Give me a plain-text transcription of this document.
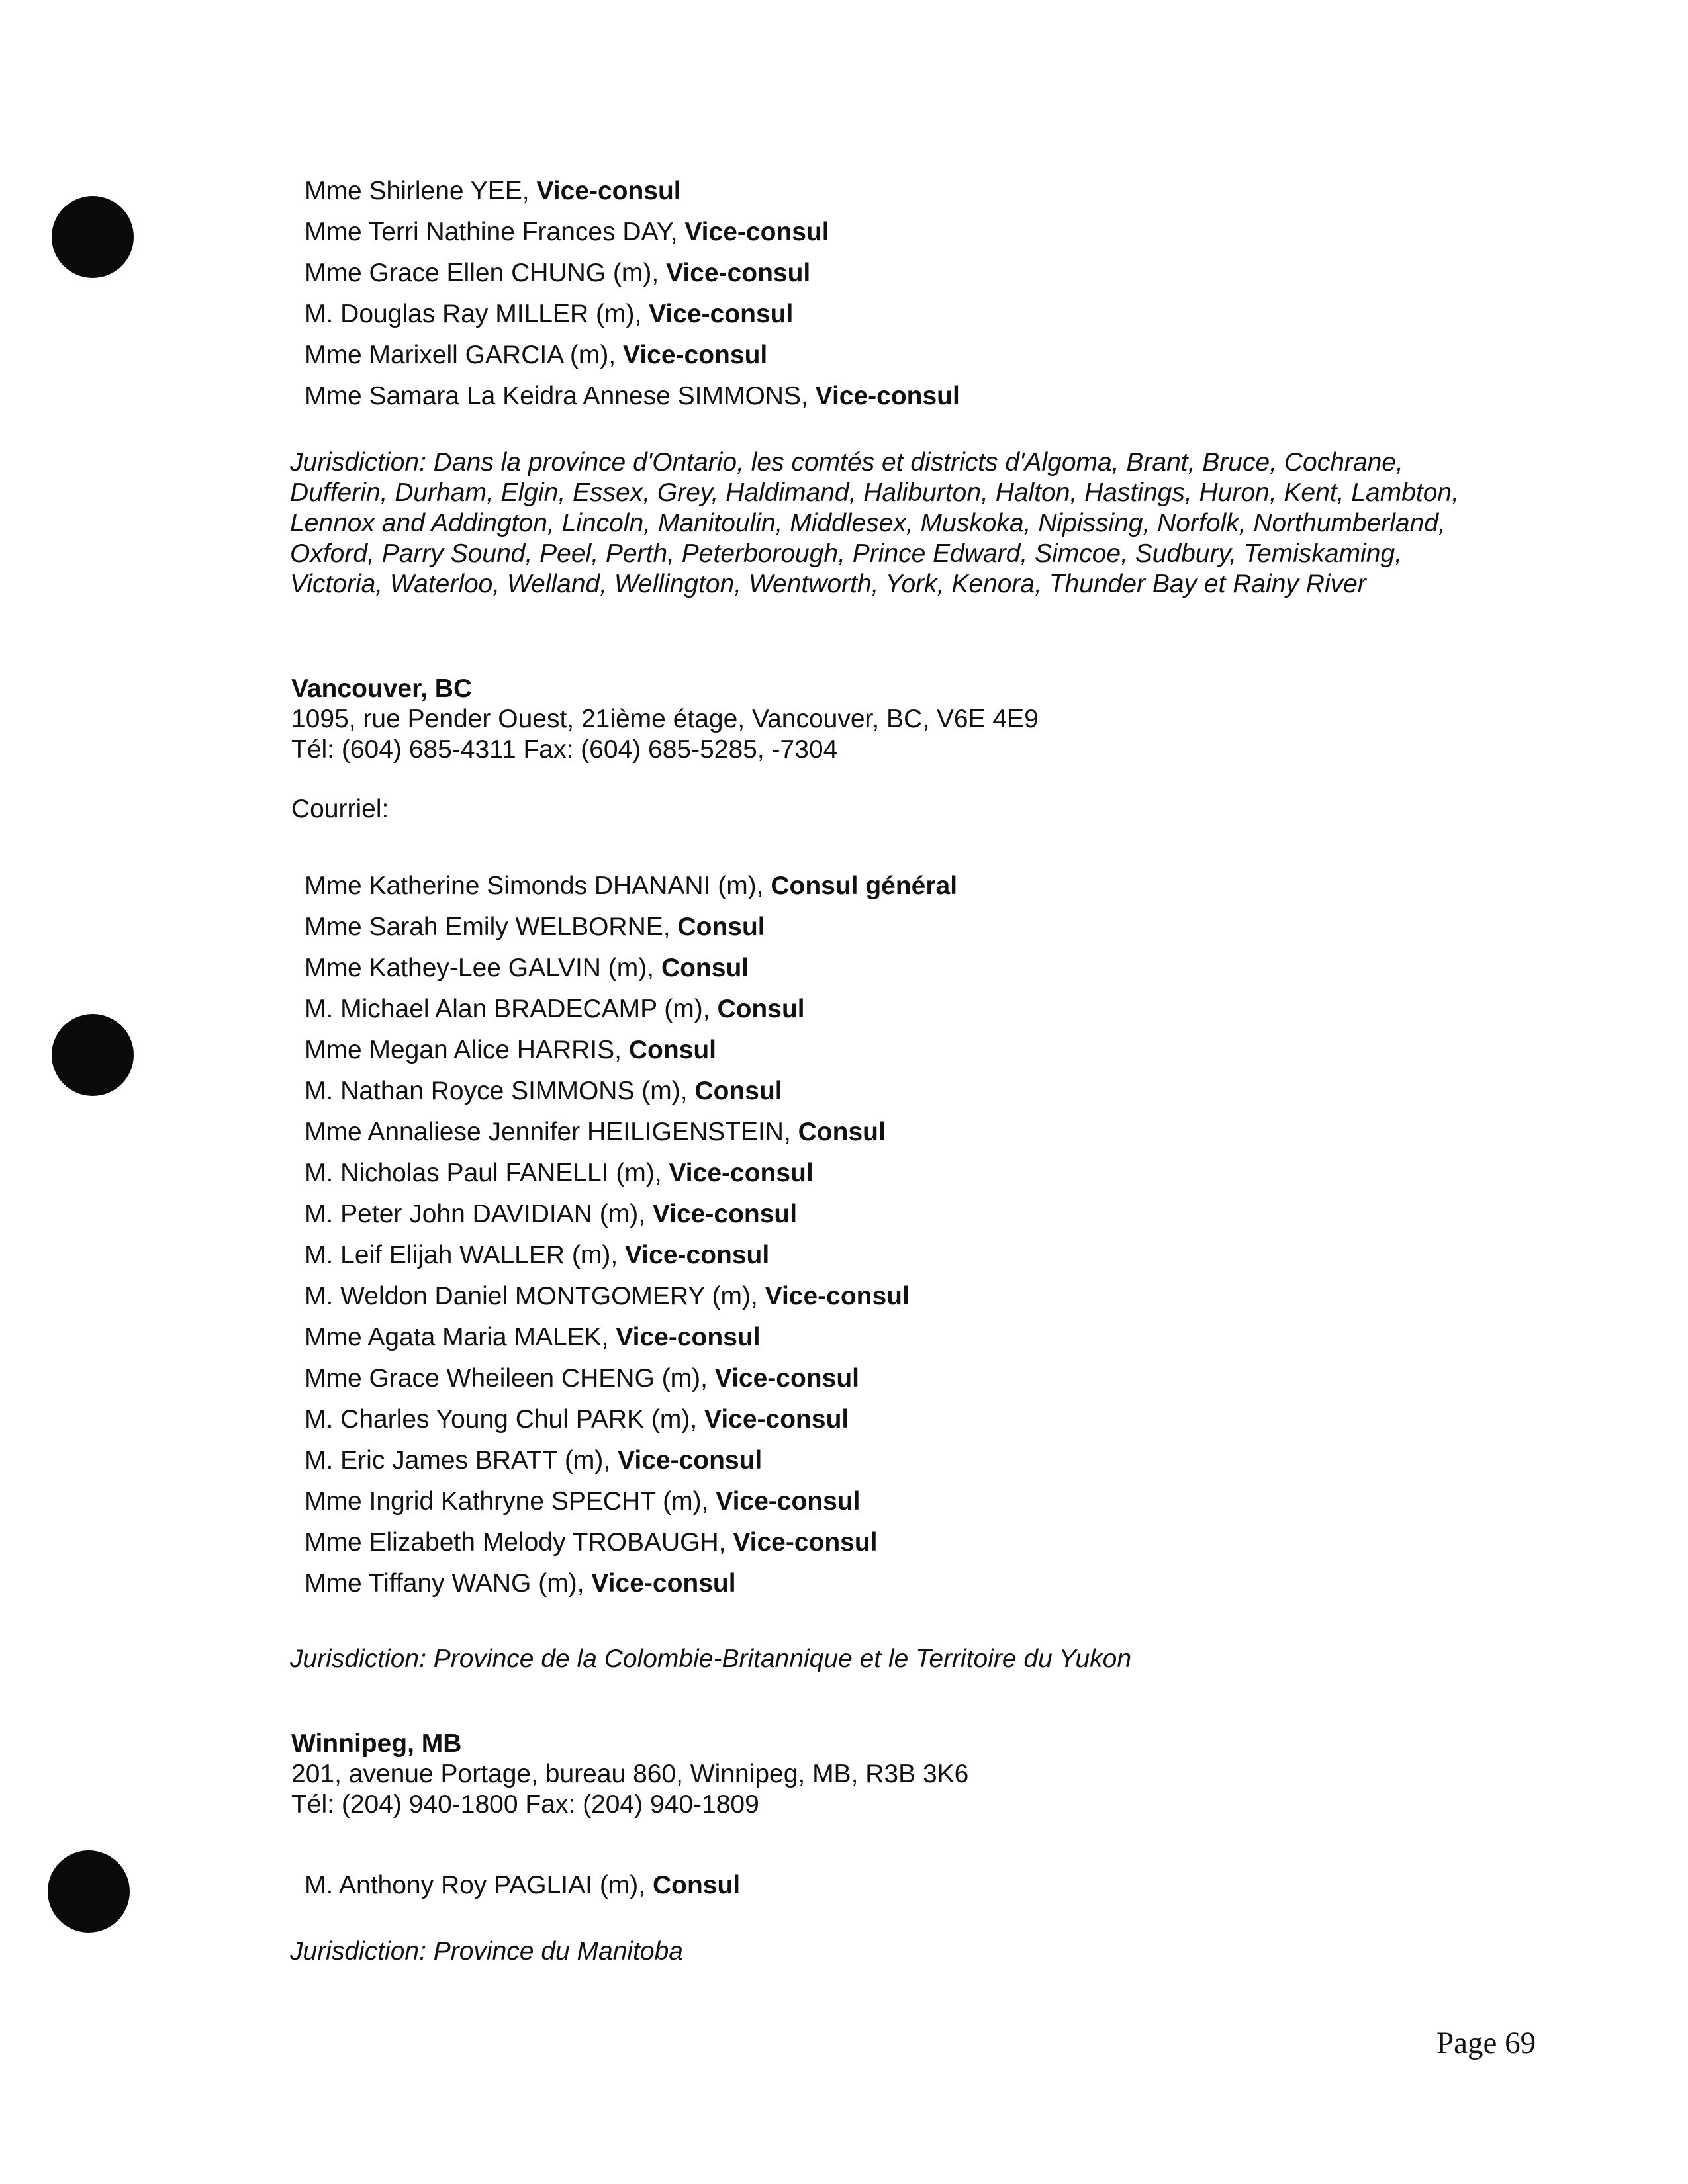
Mme Shirlene YEE, Vice-consul
Mme Terri Nathine Frances DAY, Vice-consul
Mme Grace Ellen CHUNG (m), Vice-consul
M. Douglas Ray MILLER (m), Vice-consul
Mme Marixell GARCIA (m), Vice-consul
Mme Samara La Keidra Annese SIMMONS, Vice-consul

Jurisdiction: Dans la province d'Ontario, les comtés et districts d'Algoma, Brant, Bruce, Cochrane, Dufferin, Durham, Elgin, Essex, Grey, Haldimand, Haliburton, Halton, Hastings, Huron, Kent, Lambton, Lennox and Addington, Lincoln, Manitoulin, Middlesex, Muskoka, Nipissing, Norfolk, Northumberland, Oxford, Parry Sound, Peel, Perth, Peterborough, Prince Edward, Simcoe, Sudbury, Temiskaming, Victoria, Waterloo, Welland, Wellington, Wentworth, York, Kenora, Thunder Bay et Rainy River

Vancouver, BC
1095, rue Pender Ouest, 21ième étage, Vancouver, BC, V6E 4E9
Tél: (604) 685-4311 Fax: (604) 685-5285, -7304
Courriel:
Mme Katherine Simonds DHANANI (m), Consul général
Mme Sarah Emily WELBORNE, Consul
Mme Kathey-Lee GALVIN (m), Consul
M. Michael Alan BRADECAMP (m), Consul
Mme Megan Alice HARRIS, Consul
M. Nathan Royce SIMMONS (m), Consul
Mme Annaliese Jennifer HEILIGENSTEIN, Consul
M. Nicholas Paul FANELLI (m), Vice-consul
M. Peter John DAVIDIAN (m), Vice-consul
M. Leif Elijah WALLER (m), Vice-consul
M. Weldon Daniel MONTGOMERY (m), Vice-consul
Mme Agata Maria MALEK, Vice-consul
Mme Grace Wheileen CHENG (m), Vice-consul
M. Charles Young Chul PARK (m), Vice-consul
M. Eric James BRATT (m), Vice-consul
Mme Ingrid Kathryne SPECHT (m), Vice-consul
Mme Elizabeth Melody TROBAUGH, Vice-consul
Mme Tiffany WANG (m), Vice-consul

Jurisdiction: Province de la Colombie-Britannique et le Territoire du Yukon

Winnipeg, MB
201, avenue Portage, bureau 860, Winnipeg, MB, R3B 3K6
Tél: (204) 940-1800 Fax: (204) 940-1809
M. Anthony Roy PAGLIAI (m), Consul

Jurisdiction: Province du Manitoba

Page 69
